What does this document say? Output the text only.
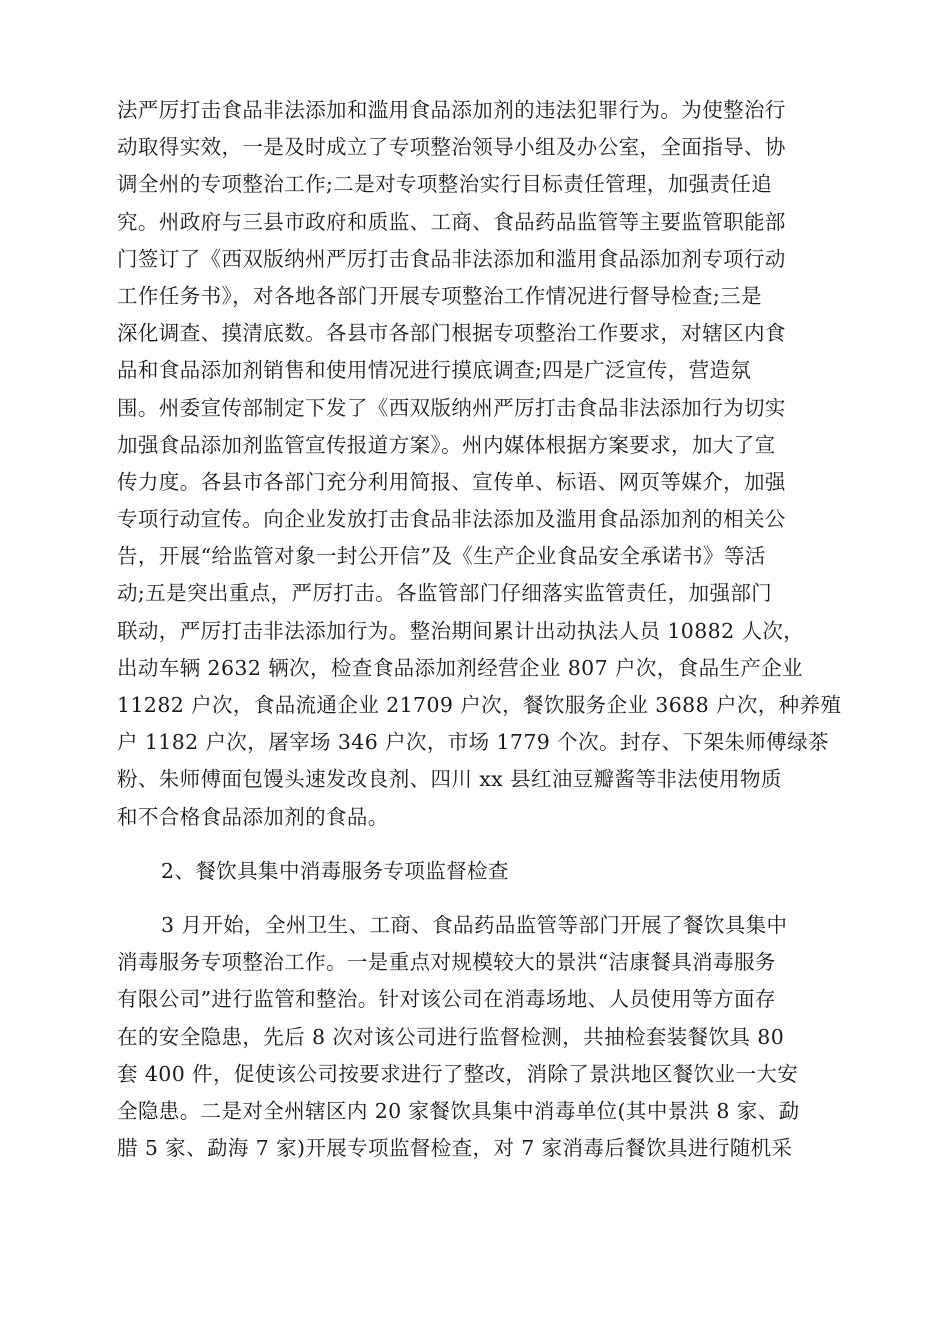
法严厉打击食品非法添加和滥用食品添加剂的违法犯罪行为。为使整治行
动取得实效，一是及时成立了专项整治领导小组及办公室，全面指导、协
调全州的专项整治工作;二是对专项整治实行目标责任管理，加强责任追
究。州政府与三县市政府和质监、工商、食品药品监管等主要监管职能部
门签订了《西双版纳州严厉打击食品非法添加和滥用食品添加剂专项行动
工作任务书》，对各地各部门开展专项整治工作情况进行督导检查;三是
深化调查、摸清底数。各县市各部门根据专项整治工作要求，对辖区内食
品和食品添加剂销售和使用情况进行摸底调查;四是广泛宣传，营造氛
围。州委宣传部制定下发了《西双版纳州严厉打击食品非法添加行为切实
加强食品添加剂监管宣传报道方案》。州内媒体根据方案要求，加大了宣
传力度。各县市各部门充分利用简报、宣传单、标语、网页等媒介，加强
专项行动宣传。向企业发放打击食品非法添加及滥用食品添加剂的相关公
告，开展“给监管对象一封公开信”及《生产企业食品安全承诺书》等活
动;五是突出重点，严厉打击。各监管部门仔细落实监管责任，加强部门
联动，严厉打击非法添加行为。整治期间累计出动执法人员 10882 人次，
出动车辆 2632 辆次，检查食品添加剂经营企业 807 户次，食品生产企业
11282 户次，食品流通企业 21709 户次，餐饮服务企业 3688 户次，种养殖
户 1182 户次，屠宰场 346 户次，市场 1779 个次。封存、下架朱师傅绿茶
粉、朱师傅面包馒头速发改良剂、四川 xx 县红油豆瓣酱等非法使用物质
和不合格食品添加剂的食品。
2、餐饮具集中消毒服务专项监督检查
3 月开始，全州卫生、工商、食品药品监管等部门开展了餐饮具集中
消毒服务专项整治工作。一是重点对规模较大的景洪“洁康餐具消毒服务
有限公司”进行监管和整治。针对该公司在消毒场地、人员使用等方面存
在的安全隐患，先后 8 次对该公司进行监督检测，共抽检套装餐饮具 80
套 400 件，促使该公司按要求进行了整改，消除了景洪地区餐饮业一大安
全隐患。二是对全州辖区内 20 家餐饮具集中消毒单位(其中景洪 8 家、勐
腊 5 家、勐海 7 家)开展专项监督检查，对 7 家消毒后餐饮具进行随机采
